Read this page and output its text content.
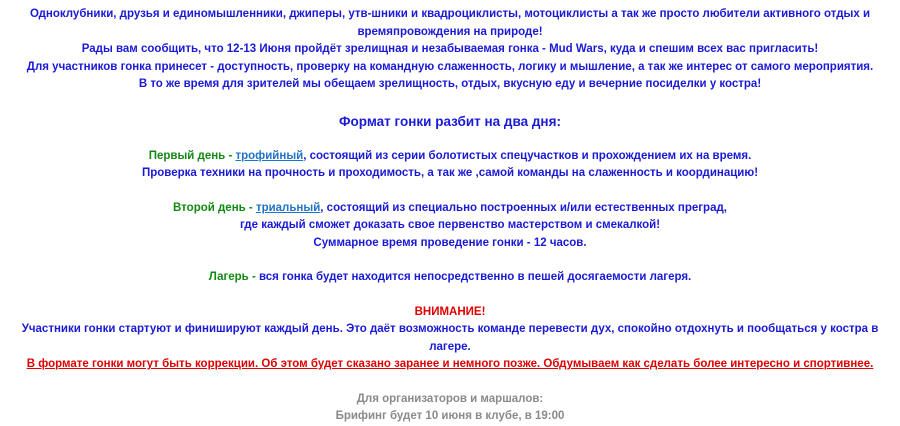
Одноклубники, друзья и единомышленники, джиперы, утв-шники и квадроциклисты, мотоциклисты а так же просто любители активного отдых и

времяпровождения на природе!

Рады вам сообщить, что 12-13 Июня пройдёт зрелищная и незабываемая гонка - Mud Wars, куда и спешим всех вас пригласить!

Для участников гонка принесет - доступность, проверку на командную слаженность, логику и мышление, а так же интерес от самого мероприятия.

В то же время для зрителей мы обещаем зрелищность, отдых, вкусную еду и вечерние посиделки у костра!

Формат гонки разбит на два дня:

Первый день - трофийный, состоящий из серии болотистых спецучастков и прохождением их на время.

Проверка техники на прочность и проходимость, а так же ,самой команды на слаженность и координацию!

Второй день - триальный, состоящий из специально построенных и/или естественных преград,

где каждый сможет доказать свое первенство мастерством и смекалкой!

Суммарное время проведение гонки - 12 часов.

Лагерь - вся гонка будет находится непосредственно в пешей досягаемости лагеря.

ВНИМАНИЕ!

Участники гонки стартуют и финишируют каждый день. Это даёт возможность команде перевести дух, спокойно отдохнуть и пообщаться у костра в лагере.

В формате гонки могут быть коррекции. Об этом будет сказано заранее и немного позже. Обдумываем как сделать более интересно и спортивнее.

Для организаторов и маршалов:

Брифинг будет 10 июня в клубе, в 19:00
